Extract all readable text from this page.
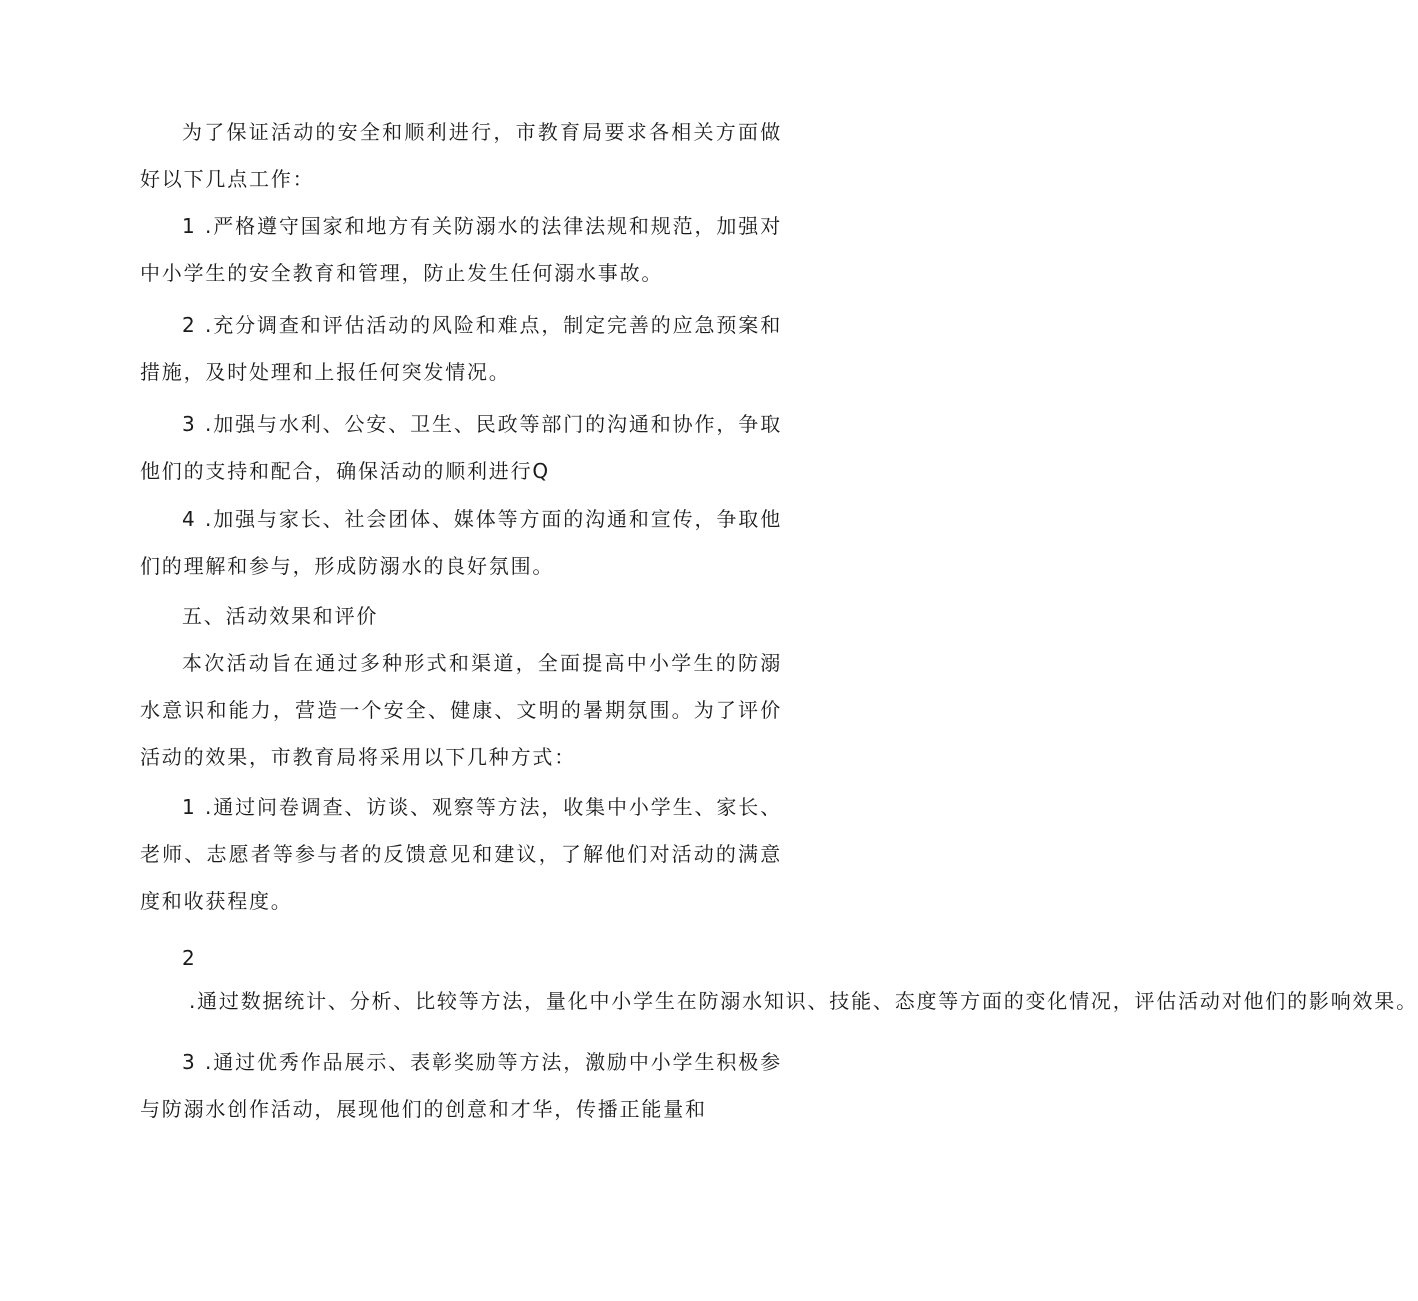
为了保证活动的安全和顺利进行，市教育局要求各相关方面做好以下几点工作：

1 .严格遵守国家和地方有关防溺水的法律法规和规范，加强对中小学生的安全教育和管理，防止发生任何溺水事故。

2 .充分调查和评估活动的风险和难点，制定完善的应急预案和措施，及时处理和上报任何突发情况。

3 .加强与水利、公安、卫生、民政等部门的沟通和协作，争取他们的支持和配合，确保活动的顺利进行Q

4 .加强与家长、社会团体、媒体等方面的沟通和宣传，争取他们的理解和参与，形成防溺水的良好氛围。

五、活动效果和评价

本次活动旨在通过多种形式和渠道，全面提高中小学生的防溺水意识和能力，营造一个安全、健康、文明的暑期氛围。为了评价活动的效果，市教育局将采用以下几种方式：

1 .通过问卷调查、访谈、观察等方法，收集中小学生、家长、老师、志愿者等参与者的反馈意见和建议，了解他们对活动的满意度和收获程度。

2      .通过数据统计、分析、比较等方法，量化中小学生在防溺水知识、技能、态度等方面的变化情况，评估活动对他们的影响效果。

3 .通过优秀作品展示、表彰奖励等方法，激励中小学生积极参与防溺水创作活动，展现他们的创意和才华，传播正能量和
